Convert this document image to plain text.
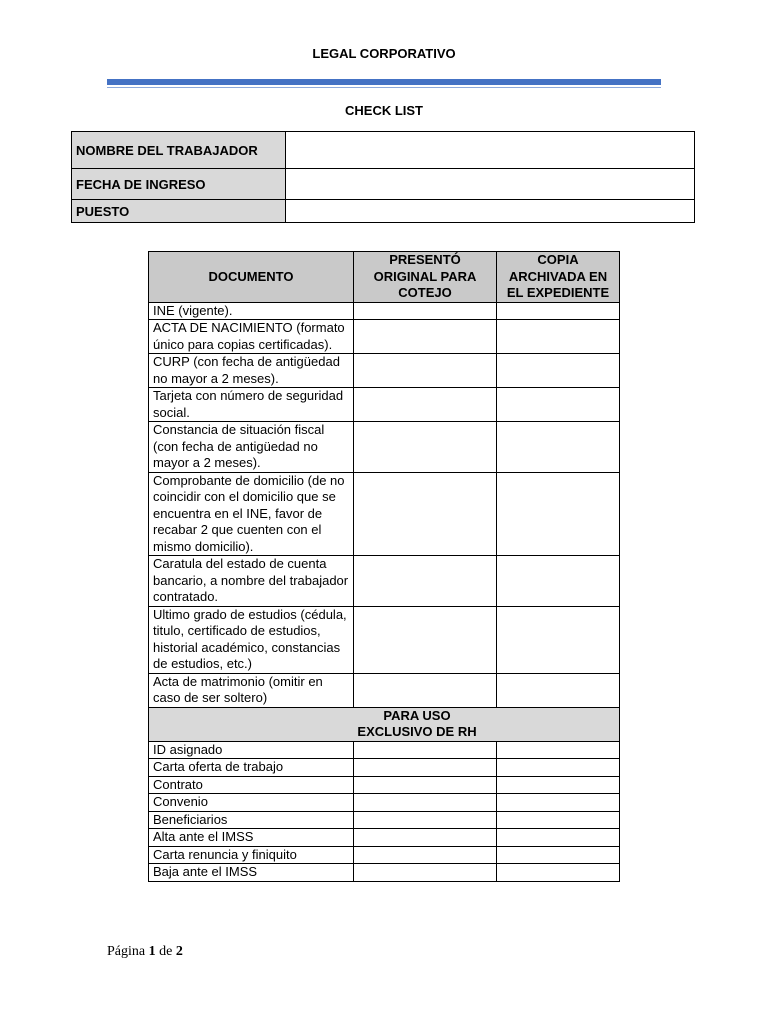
LEGAL CORPORATIVO
CHECK LIST
NOMBRE DEL TRABAJADOR	
FECHA DE INGRESO	
PUESTO	
DOCUMENTO	PRESENTÓ ORIGINAL PARA COTEJO	COPIA ARCHIVADA EN EL EXPEDIENTE
INE (vigente).		
ACTA DE NACIMIENTO (formato único para copias certificadas).		
CURP (con fecha de antigüedad no mayor a 2 meses).		
Tarjeta con número de seguridad social.		
Constancia de situación fiscal (con fecha de antigüedad no mayor a 2 meses).		
Comprobante de domicilio (de no coincidir con el domicilio que se encuentra en el INE, favor de recabar 2 que cuenten con el mismo domicilio).		
Caratula del estado de cuenta bancario, a nombre del trabajador contratado.		
Ultimo grado de estudios (cédula, titulo, certificado de estudios, historial académico, constancias de estudios, etc.)		
Acta de matrimonio (omitir en caso de ser soltero)		
PARA USO EXCLUSIVO DE RH		
ID asignado		
Carta oferta de trabajo		
Contrato		
Convenio		
Beneficiarios		
Alta ante el IMSS		
Carta renuncia y finiquito		
Baja ante el IMSS		
Página 1 de 2
